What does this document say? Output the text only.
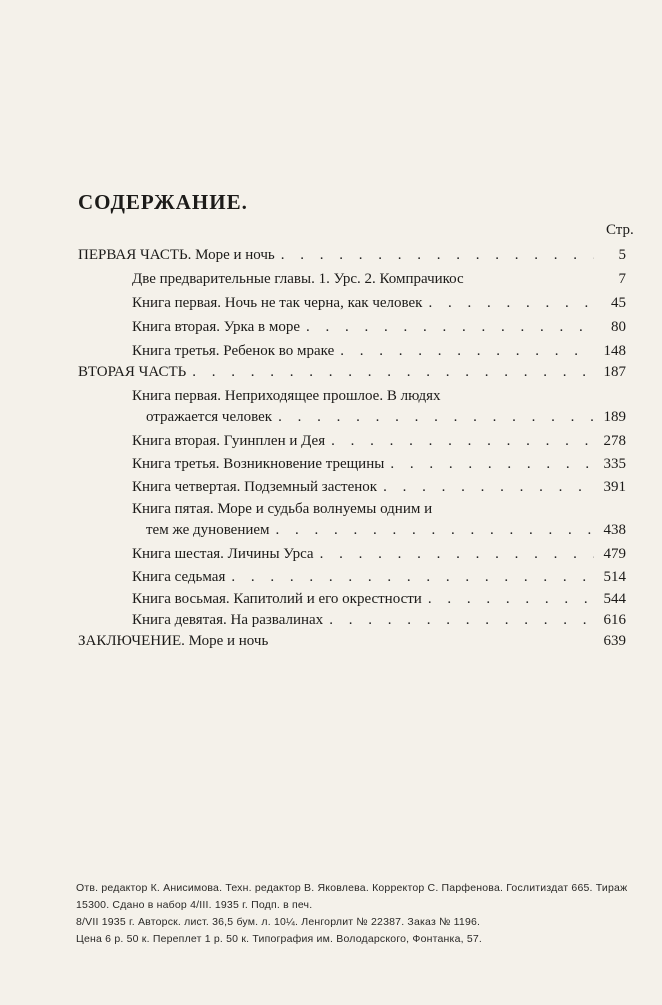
СОДЕРЖАНИЕ.
Стр.
ПЕРВАЯ ЧАСТЬ. Море и ночь . . .	5
Две предварительные главы. 1. Урс. 2. Компрачикос	7
Книга первая. Ночь не так черна, как человек . . .	45
Книга вторая. Урка в море . . .	80
Книга третья. Ребенок во мраке . . .	148
ВТОРАЯ ЧАСТЬ . . .	187
Книга первая. Неприходящее прошлое. В людях
отражается человек . . .	189
Книга вторая. Гуинплен и Дея . . .	278
Книга третья. Возникновение трещины . . .	335
Книга четвертая. Подземный застенок . . .	391
Книга пятая. Море и судьба волнуемы одним и
тем же дуновением . . .	438
Книга шестая. Личины Урса . . .	479
Книга седьмая . . .	514
Книга восьмая. Капитолий и его окрестности . . .	544
Книга девятая. На развалинах . . .	616
ЗАКЛЮЧЕНИЕ. Море и ночь	639
Отв. редактор К. Анисимова. Техн. редактор В. Яковлева. Корректор С. Парфенова. Гослитиздат 665. Тираж 15300. Сдано в набор 4/III. 1935 г. Подп. в печ.
8/VII 1935 г. Авторск. лист. 36,5 бум. л. 10¼. Ленгорлит № 22387. Заказ № 1196.
Цена 6 р. 50 к. Переплет 1 р. 50 к. Типография им. Володарского, Фонтанка, 57.
